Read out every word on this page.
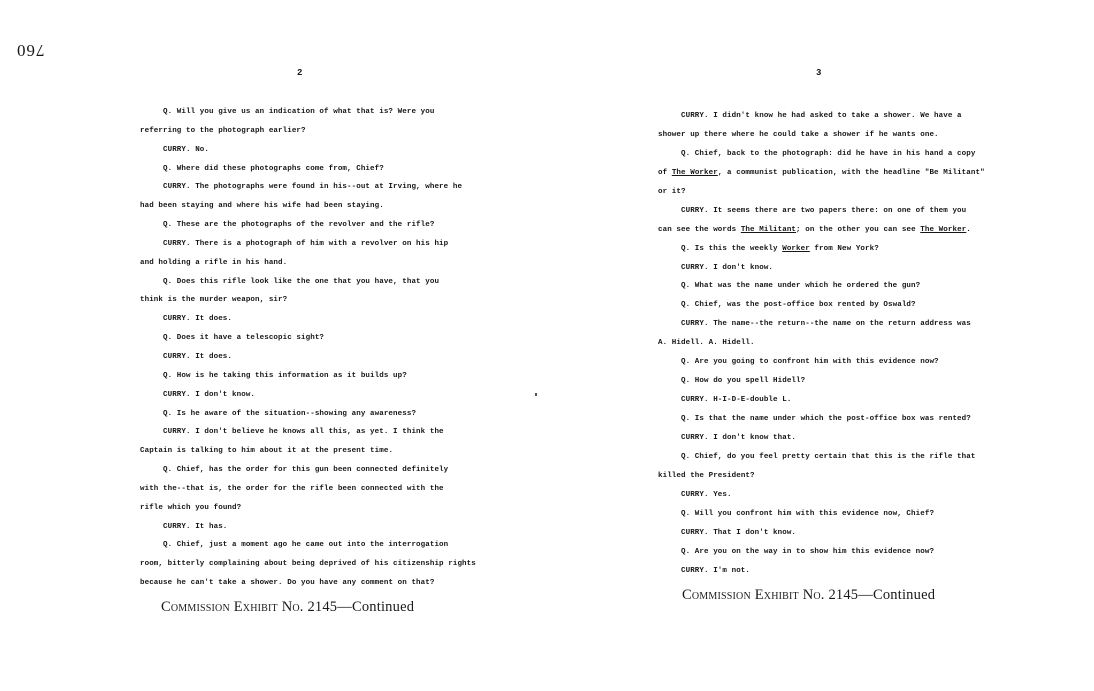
760
2
Q. Will you give us an indication of what that is? Were you
referring to the photograph earlier?
CURRY. No.
Q. Where did these photographs come from, Chief?
CURRY. The photographs were found in his--out at Irving, where he
had been staying and where his wife had been staying.
Q. These are the photographs of the revolver and the rifle?
CURRY. There is a photograph of him with a revolver on his hip
and holding a rifle in his hand.
Q. Does this rifle look like the one that you have, that you
think is the murder weapon, sir?
CURRY. It does.
Q. Does it have a telescopic sight?
CURRY. It does.
Q. How is he taking this information as it builds up?
CURRY. I don't know.
Q. Is he aware of the situation--showing any awareness?
CURRY. I don't believe he knows all this, as yet. I think the
Captain is talking to him about it at the present time.
Q. Chief, has the order for this gun been connected definitely
with the--that is, the order for the rifle been connected with the
rifle which you found?
CURRY. It has.
Q. Chief, just a moment ago he came out into the interrogation
room, bitterly complaining about being deprived of his citizenship rights
because he can't take a shower. Do you have any comment on that?
Commission Exhibit No. 2145—Continued
3
CURRY. I didn't know he had asked to take a shower. We have a
shower up there where he could take a shower if he wants one.
Q. Chief, back to the photograph: did he have in his hand a copy
of The Worker, a communist publication, with the headline "Be Militant"
or it?
CURRY. It seems there are two papers there: on one of them you
can see the words The Militant; on the other you can see The Worker.
Q. Is this the weekly Worker from New York?
CURRY. I don't know.
Q. What was the name under which he ordered the gun?
Q. Chief, was the post-office box rented by Oswald?
CURRY. The name--the return--the name on the return address was
A. Hidell. A. Hidell.
Q. Are you going to confront him with this evidence now?
Q. How do you spell Hidell?
CURRY. H-I-D-E-double L.
Q. Is that the name under which the post-office box was rented?
CURRY. I don't know that.
Q. Chief, do you feel pretty certain that this is the rifle that
killed the President?
CURRY. Yes.
Q. Will you confront him with this evidence now, Chief?
CURRY. That I don't know.
Q. Are you on the way in to show him this evidence now?
CURRY. I'm not.
Commission Exhibit No. 2145—Continued
